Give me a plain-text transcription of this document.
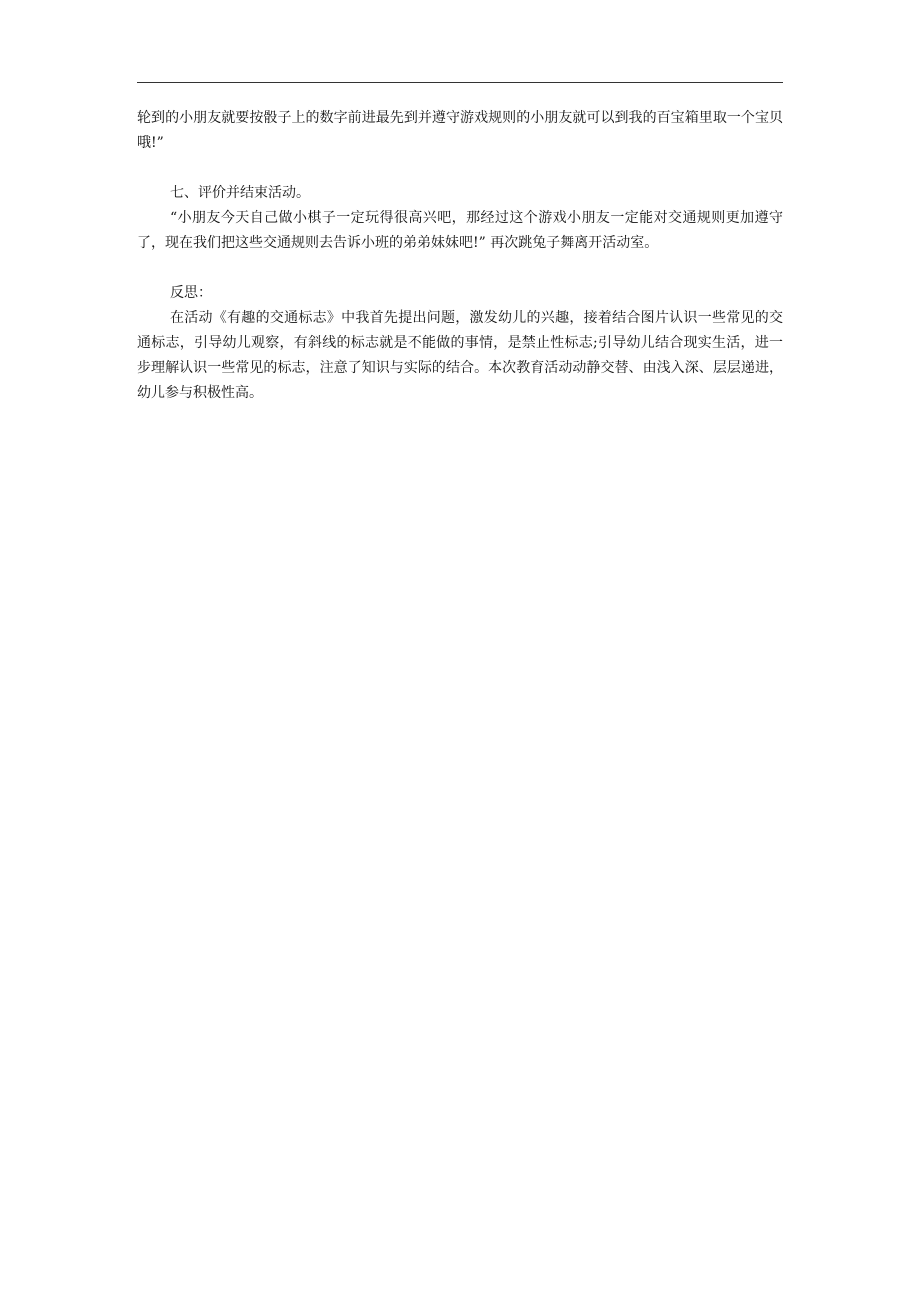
轮到的小朋友就要按骰子上的数字前进最先到并遵守游戏规则的小朋友就可以到我的百宝箱里取一个宝贝哦!”

七、评价并结束活动。

“小朋友今天自己做小棋子一定玩得很高兴吧，那经过这个游戏小朋友一定能对交通规则更加遵守了，现在我们把这些交通规则去告诉小班的弟弟妹妹吧!” 再次跳兔子舞离开活动室。

反思：

在活动《有趣的交通标志》中我首先提出问题，激发幼儿的兴趣，接着结合图片认识一些常见的交通标志，引导幼儿观察，有斜线的标志就是不能做的事情，是禁止性标志;引导幼儿结合现实生活，进一步理解认识一些常见的标志，注意了知识与实际的结合。本次教育活动动静交替、由浅入深、层层递进，幼儿参与积极性高。
